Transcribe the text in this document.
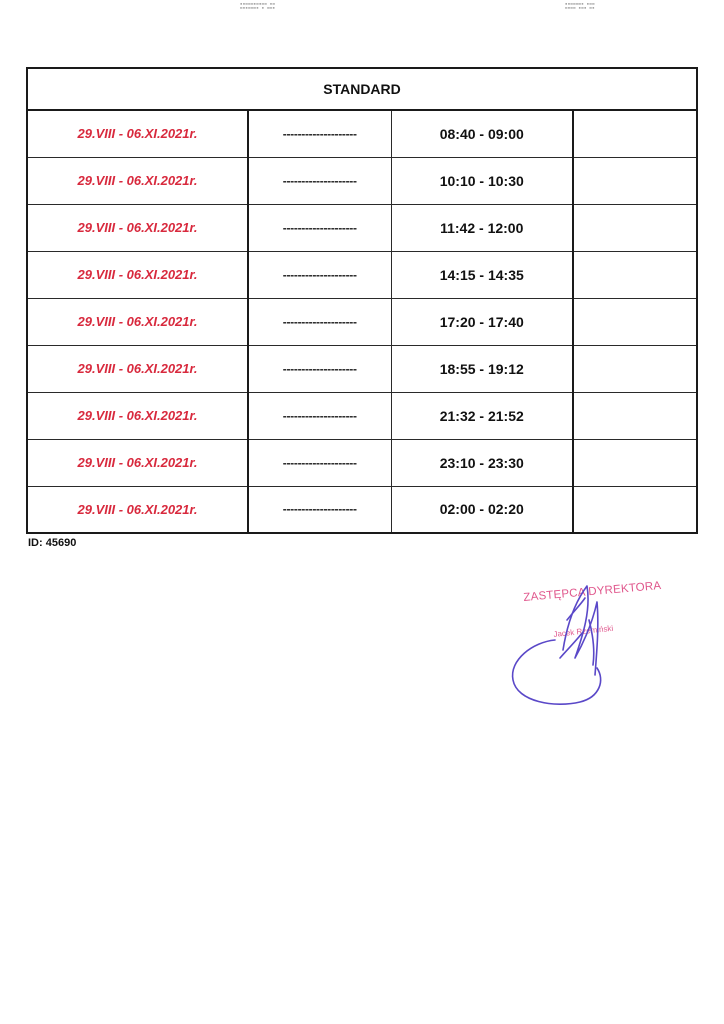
▪▪▬▬▬▪▬▪▬▬ ▪▬
▬▪▪▬▬▬▪ ▪ ▬▬▪
▪▪▬▬▬▬▪ ▪▬▬
▬▪▬▬ ▪▬▪ ▬▪
STANDARD			
29.VIII - 06.XI.2021r.	--------------------	08:40 - 09:00	
29.VIII - 06.XI.2021r.	--------------------	10:10 - 10:30	
29.VIII - 06.XI.2021r.	--------------------	11:42 - 12:00	
29.VIII - 06.XI.2021r.	--------------------	14:15 - 14:35	
29.VIII - 06.XI.2021r.	--------------------	17:20 - 17:40	
29.VIII - 06.XI.2021r.	--------------------	18:55 - 19:12	
29.VIII - 06.XI.2021r.	--------------------	21:32 - 21:52	
29.VIII - 06.XI.2021r.	--------------------	23:10 - 23:30	
29.VIII - 06.XI.2021r.	--------------------	02:00 - 02:20	
ID: 45690
ZASTĘPCA DYREKTORA
Jacek Rzemiński
